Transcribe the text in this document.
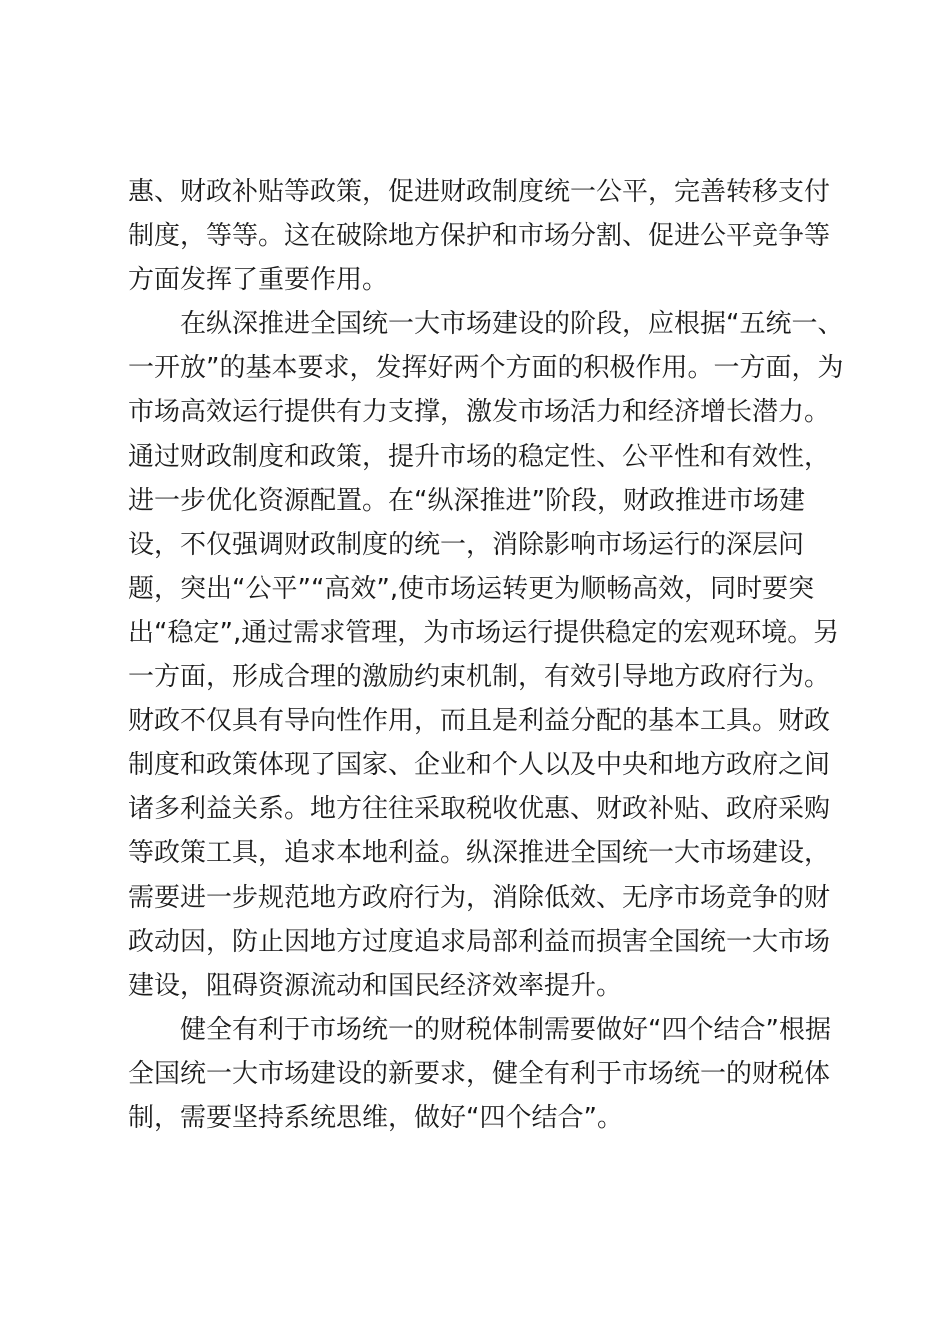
惠、财政补贴等政策，促进财政制度统一公平，完善转移支付
制度，等等。这在破除地方保护和市场分割、促进公平竞争等
方面发挥了重要作用。
　　在纵深推进全国统一大市场建设的阶段，应根据“五统一、
一开放”的基本要求，发挥好两个方面的积极作用。一方面，为
市场高效运行提供有力支撑，激发市场活力和经济增长潜力。
通过财政制度和政策，提升市场的稳定性、公平性和有效性，
进一步优化资源配置。在“纵深推进”阶段，财政推进市场建
设，不仅强调财政制度的统一，消除影响市场运行的深层问
题，突出“公平”“高效”,使市场运转更为顺畅高效，同时要突
出“稳定”,通过需求管理，为市场运行提供稳定的宏观环境。另
一方面，形成合理的激励约束机制，有效引导地方政府行为。
财政不仅具有导向性作用，而且是利益分配的基本工具。财政
制度和政策体现了国家、企业和个人以及中央和地方政府之间
诸多利益关系。地方往往采取税收优惠、财政补贴、政府采购
等政策工具，追求本地利益。纵深推进全国统一大市场建设，
需要进一步规范地方政府行为，消除低效、无序市场竞争的财
政动因，防止因地方过度追求局部利益而损害全国统一大市场
建设，阻碍资源流动和国民经济效率提升。
　　健全有利于市场统一的财税体制需要做好“四个结合”根据
全国统一大市场建设的新要求，健全有利于市场统一的财税体
制，需要坚持系统思维，做好“四个结合”。
